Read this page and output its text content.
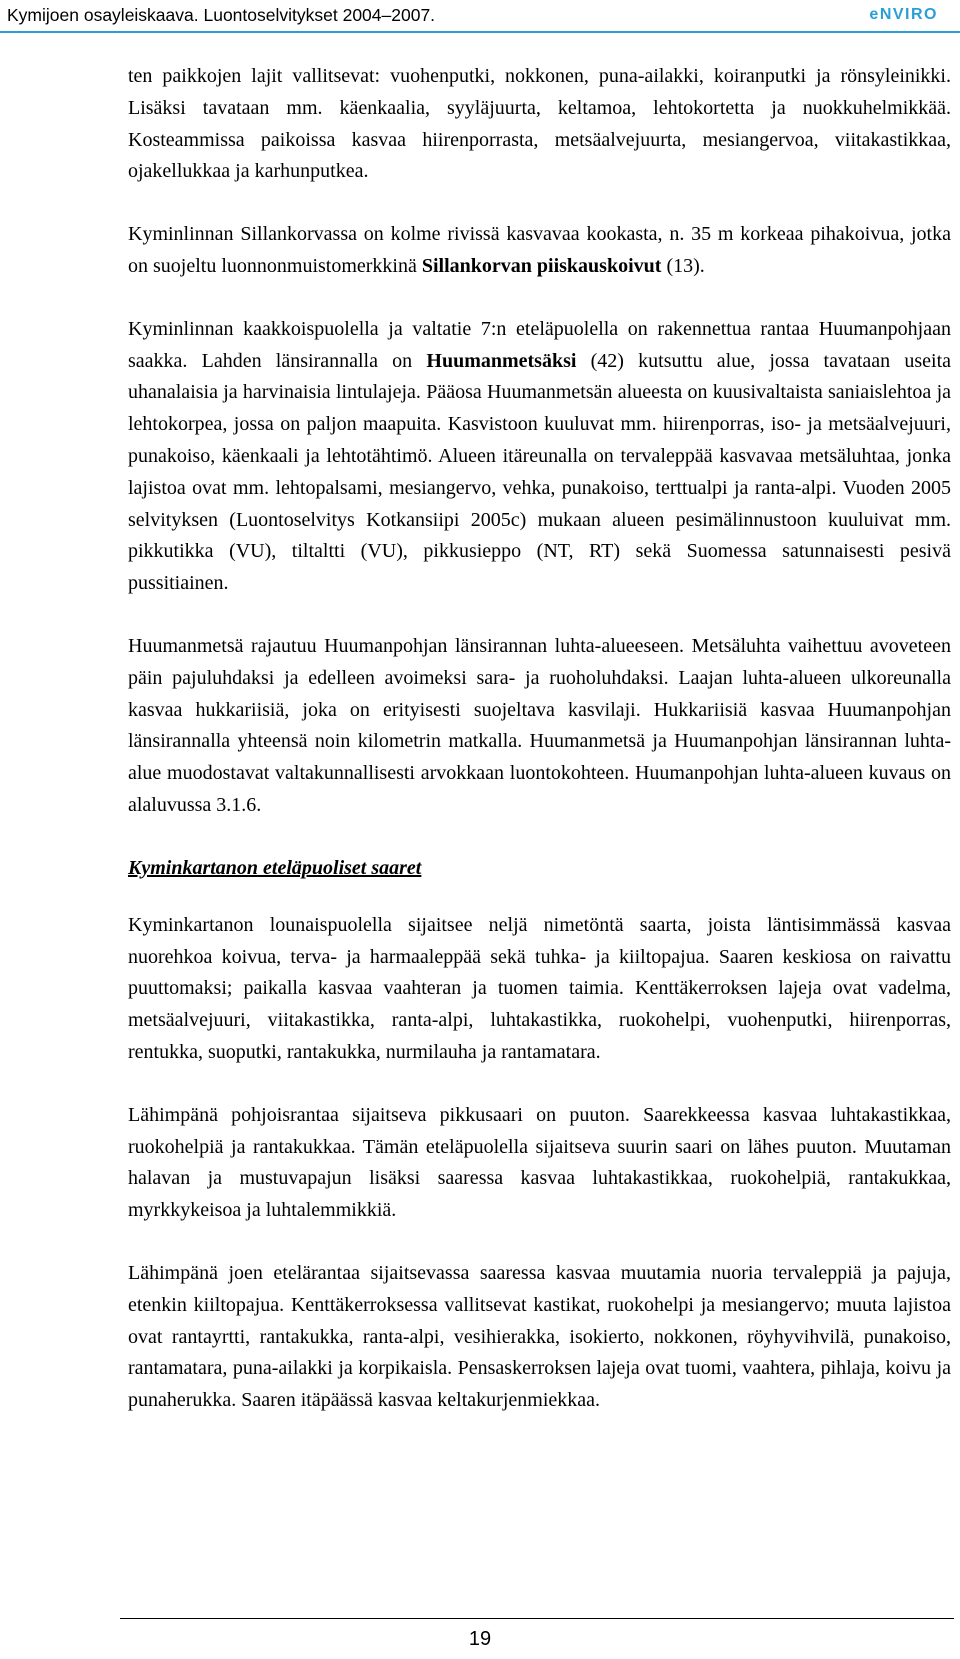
Kymijoen osayleiskaava. Luontoselvitykset 2004–2007.	eNVIRO

ten paikkojen lajit vallitsevat: vuohenputki, nokkonen, puna-ailakki, koiranputki ja rönsyleinikki. Lisäksi tavataan mm. käenkaalia, syyläjuurta, keltamoa, lehtokortetta ja nuokkuhelmikkää. Kosteammissa paikoissa kasvaa hiirenporrasta, metsäalvejuurta, mesiangervoa, viitakastikkaa, ojakellukkaa ja karhunputkea.

Kyminlinnan Sillankorvassa on kolme rivissä kasvavaa kookasta, n. 35 m korkeaa pihakoivua, jotka on suojeltu luonnonmuistomerkkinä Sillankorvan piiskauskoivut (13).

Kyminlinnan kaakkoispuolella ja valtatie 7:n eteläpuolella on rakennettua rantaa Huumanpohjaan saakka. Lahden länsirannalla on Huumanmetsäksi (42) kutsuttu alue, jossa tavataan useita uhanalaisia ja harvinaisia lintulajeja. Pääosa Huumanmetsän alueesta on kuusivaltaista saniaislehtoa ja lehtokorpea, jossa on paljon maapuita. Kasvistoon kuuluvat mm. hiirenporras, iso- ja metsäalvejuuri, punakoiso, käenkaali ja lehtotähtimö. Alueen itäreunalla on tervaleppää kasvavaa metsäluhtaa, jonka lajistoa ovat mm. lehtopalsami, mesiangervo, vehka, punakoiso, terttualpi ja ranta-alpi. Vuoden 2005 selvityksen (Luontoselvitys Kotkansiipi 2005c) mukaan alueen pesimälinnustoon kuuluivat mm. pikkutikka (VU), tiltaltti (VU), pikkusieppo (NT, RT) sekä Suomessa satunnaisesti pesivä pussitiainen.

Huumanmetsä rajautuu Huumanpohjan länsirannan luhta-alueeseen. Metsäluhta vaihettuu avoveteen päin pajuluhdaksi ja edelleen avoimeksi sara- ja ruoholuhdaksi. Laajan luhta-alueen ulkoreunalla kasvaa hukkariisiä, joka on erityisesti suojeltava kasvilaji. Hukkariisiä kasvaa Huumanpohjan länsirannalla yhteensä noin kilometrin matkalla. Huumanmetsä ja Huumanpohjan länsirannan luhta-alue muodostavat valtakunnallisesti arvokkaan luontokohteen. Huumanpohjan luhta-alueen kuvaus on alaluvussa 3.1.6.

Kyminkartanon eteläpuoliset saaret

Kyminkartanon lounaispuolella sijaitsee neljä nimetöntä saarta, joista läntisimmässä kasvaa nuorehkoa koivua, terva- ja harmaaleppää sekä tuhka- ja kiiltopajua. Saaren keskiosa on raivattu puuttomaksi; paikalla kasvaa vaahteran ja tuomen taimia. Kenttäkerroksen lajeja ovat vadelma, metsäalvejuuri, viitakastikka, ranta-alpi, luhtakastikka, ruokohelpi, vuohenputki, hiirenporras, rentukka, suoputki, rantakukka, nurmilauha ja rantamatara.

Lähimpänä pohjoisrantaa sijaitseva pikkusaari on puuton. Saarekkeessa kasvaa luhtakastikkaa, ruokohelpiä ja rantakukkaa. Tämän eteläpuolella sijaitseva suurin saari on lähes puuton. Muutaman halavan ja mustuvapajun lisäksi saaressa kasvaa luhtakastikkaa, ruokohelpiä, rantakukkaa, myrkkykeisoa ja luhtalemmikkiä.

Lähimpänä joen etelärantaa sijaitsevassa saaressa kasvaa muutamia nuoria tervaleppiä ja pajuja, etenkin kiiltopajua. Kenttäkerroksessa vallitsevat kastikat, ruokohelpi ja mesiangervo; muuta lajistoa ovat rantayrtti, rantakukka, ranta-alpi, vesihierakka, isokierto, nokkonen, röyhyvihvilä, punakoiso, rantamatara, puna-ailakki ja korpikaisla. Pensaskerroksen lajeja ovat tuomi, vaahtera, pihlaja, koivu ja punaherukka. Saaren itäpäässä kasvaa keltakurjenmiekkaa.

19
